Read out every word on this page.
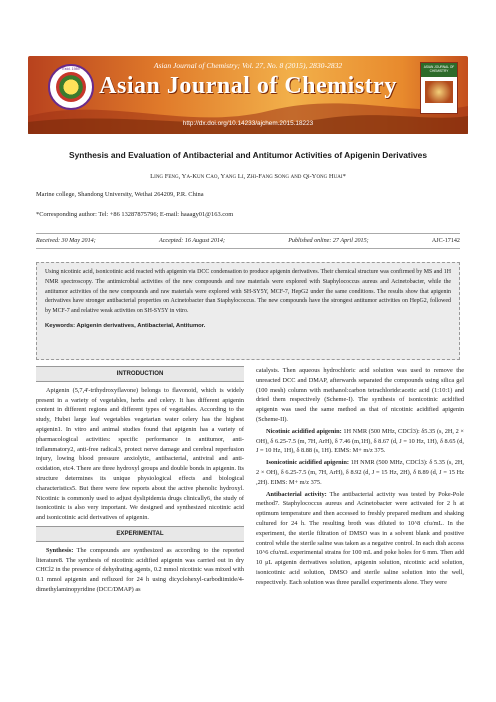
Estd. 1989	Asian Journal of Chemistry; Vol. 27, No. 8 (2015), 2830-2832
Asian Journal of Chemistry
http://dx.doi.org/10.14233/ajchem.2015.18223
ASIAN JOURNAL OF CHEMISTRY
Synthesis and Evaluation of Antibacterial and Antitumor Activities of Apigenin Derivatives
Ling Feng, Ya-Kun Cao, Yang Li, Zhi-Fang Song and Qi-Yong Huai*
Marine college, Shandong University, Weihai 264209, P.R. China
*Corresponding author: Tel: +86 13287875796; E-mail: haaagy01@163.com
Received: 30 May 2014;	Accepted: 16 August 2014;	Published online: 27 April 2015;	AJC-17142

Using nicotinic acid, isonicotinic acid reacted with apigenin via DCC condensation to produce apigenin derivatives. Their chemical structure was confirmed by MS and 1H NMR spectroscopy. The antimicrobial activities of the new compounds and raw materials were explored with Staphylococcus aureus and Acinetobacter, while the antitumor activities of the new compounds and raw materials were explored with SH-SY5Y, MCF-7, HepG2 under the same conditions. The results show that apigenin derivatives have stronger antibacterial properties on Acinetobacter than Staphylococcus. The new compounds have the strongest antitumor activities on HepG2, followed by MCF-7 and relative weak activities on SH-SY5Y in vitro.

Keywords: Apigenin derivatives, Antibacterial, Antitumor.
INTRODUCTION

Apigenin (5,7,4'-trihydroxyflavone) belongs to flavonoid, which is widely present in a variety of vegetables, herbs and celery. It has different apigenin content in different regions and different types of vegetables. According to the study, Hubei large leaf vegetables vegetarian water celery has the highest apigenin1. In vitro and animal studies found that apigenin has a variety of pharmacological activities: specific performance in antitumor, anti-inflammatory2, anti-free radical3, protect nerve damage and cerebral reperfusion injury, lowing blood pressure anxiolytic, antibacterial, antiviral and anti-oxidation, etc4. There are three hydroxyl groups and double bonds in apigenin. Its structure determines its unique physiological effects and biological characteristics5. But there were few reports about the active phenolic hydroxyl. Nicotinic is commonly used to adjust dyslipidemia drugs clinically6, the study of isonicotinic is also very important. We designed and synthesized nicotinic acid and isonicotinic acid derivatives of apigenin.

EXPERIMENTAL

Synthesis: The compounds are synthesized as according to the reported literature8. The synthesis of nicotinic acidified apigenin was carried out in dry CHCl2 in the presence of dehydrating agents, 0.2 mmol nicotinic was mixed with 0.1 mmol apigenin and refluxed for 24 h using dicyclohexyl-carbodiimide/4-dimethylaminopyridine (DCC/DMAP) as

catalysts. Then aqueous hydrochloric acid solution was used to remove the unreacted DCC and DMAP, afterwards separated the compounds using silica gel (100 mesh) column with methanol:carbon tetrachloride:acetic acid (1:10:1) and dried them respectively (Scheme-I). The synthesis of isonicotinic acidified apigenin was used the same method as that of nicotinic acidified apigenin (Scheme-II).

Nicotinic acidified apigenin: 1H NMR (500 MHz, CDCl3): δ5.35 (s, 2H, 2 × OH), δ 6.25-7.5 (m, 7H, ArH), δ 7.46 (m,1H), δ 8.67 (d, J = 10 Hz, 1H), δ 8.65 (d, J = 10 Hz, 1H), δ 8.88 (s, 1H). EIMS: M+ m/z 375.

Isonicotinic acidified apigenin: 1H NMR (500 MHz, CDCl3): δ 5.35 (s, 2H, 2 × OH), δ 6.25-7.5 (m, 7H, ArH), δ 8.92 (d, J = 15 Hz, 2H), δ 8.89 (d, J = 15 Hz ,2H). EIMS: M+ m/z 375.

Antibacterial activity: The antibacterial activity was tested by Poke-Pole method7. Staphylococcus aureus and Acinetobacter were activated for 2 h at optimum temperature and then accessed to freshly prepared medium and shaking cultured for 24 h. The resulting broth was diluted to 10^8 cfu/mL. In the experiment, the sterile filtration of DMSO was in a solvent blank and positive control while the sterile saline was taken as a negative control. In each dish access 10^6 cfu/mL experimental strains for 100 mL and poke holes for 6 mm. Then add 10 μL apigenin derivatives solution, apigenin solution, nicotinic acid solution, isonicotinic acid solution, DMSO and sterile saline solution into the well, respectively. Each solution was three parallel experiments alone. They were
